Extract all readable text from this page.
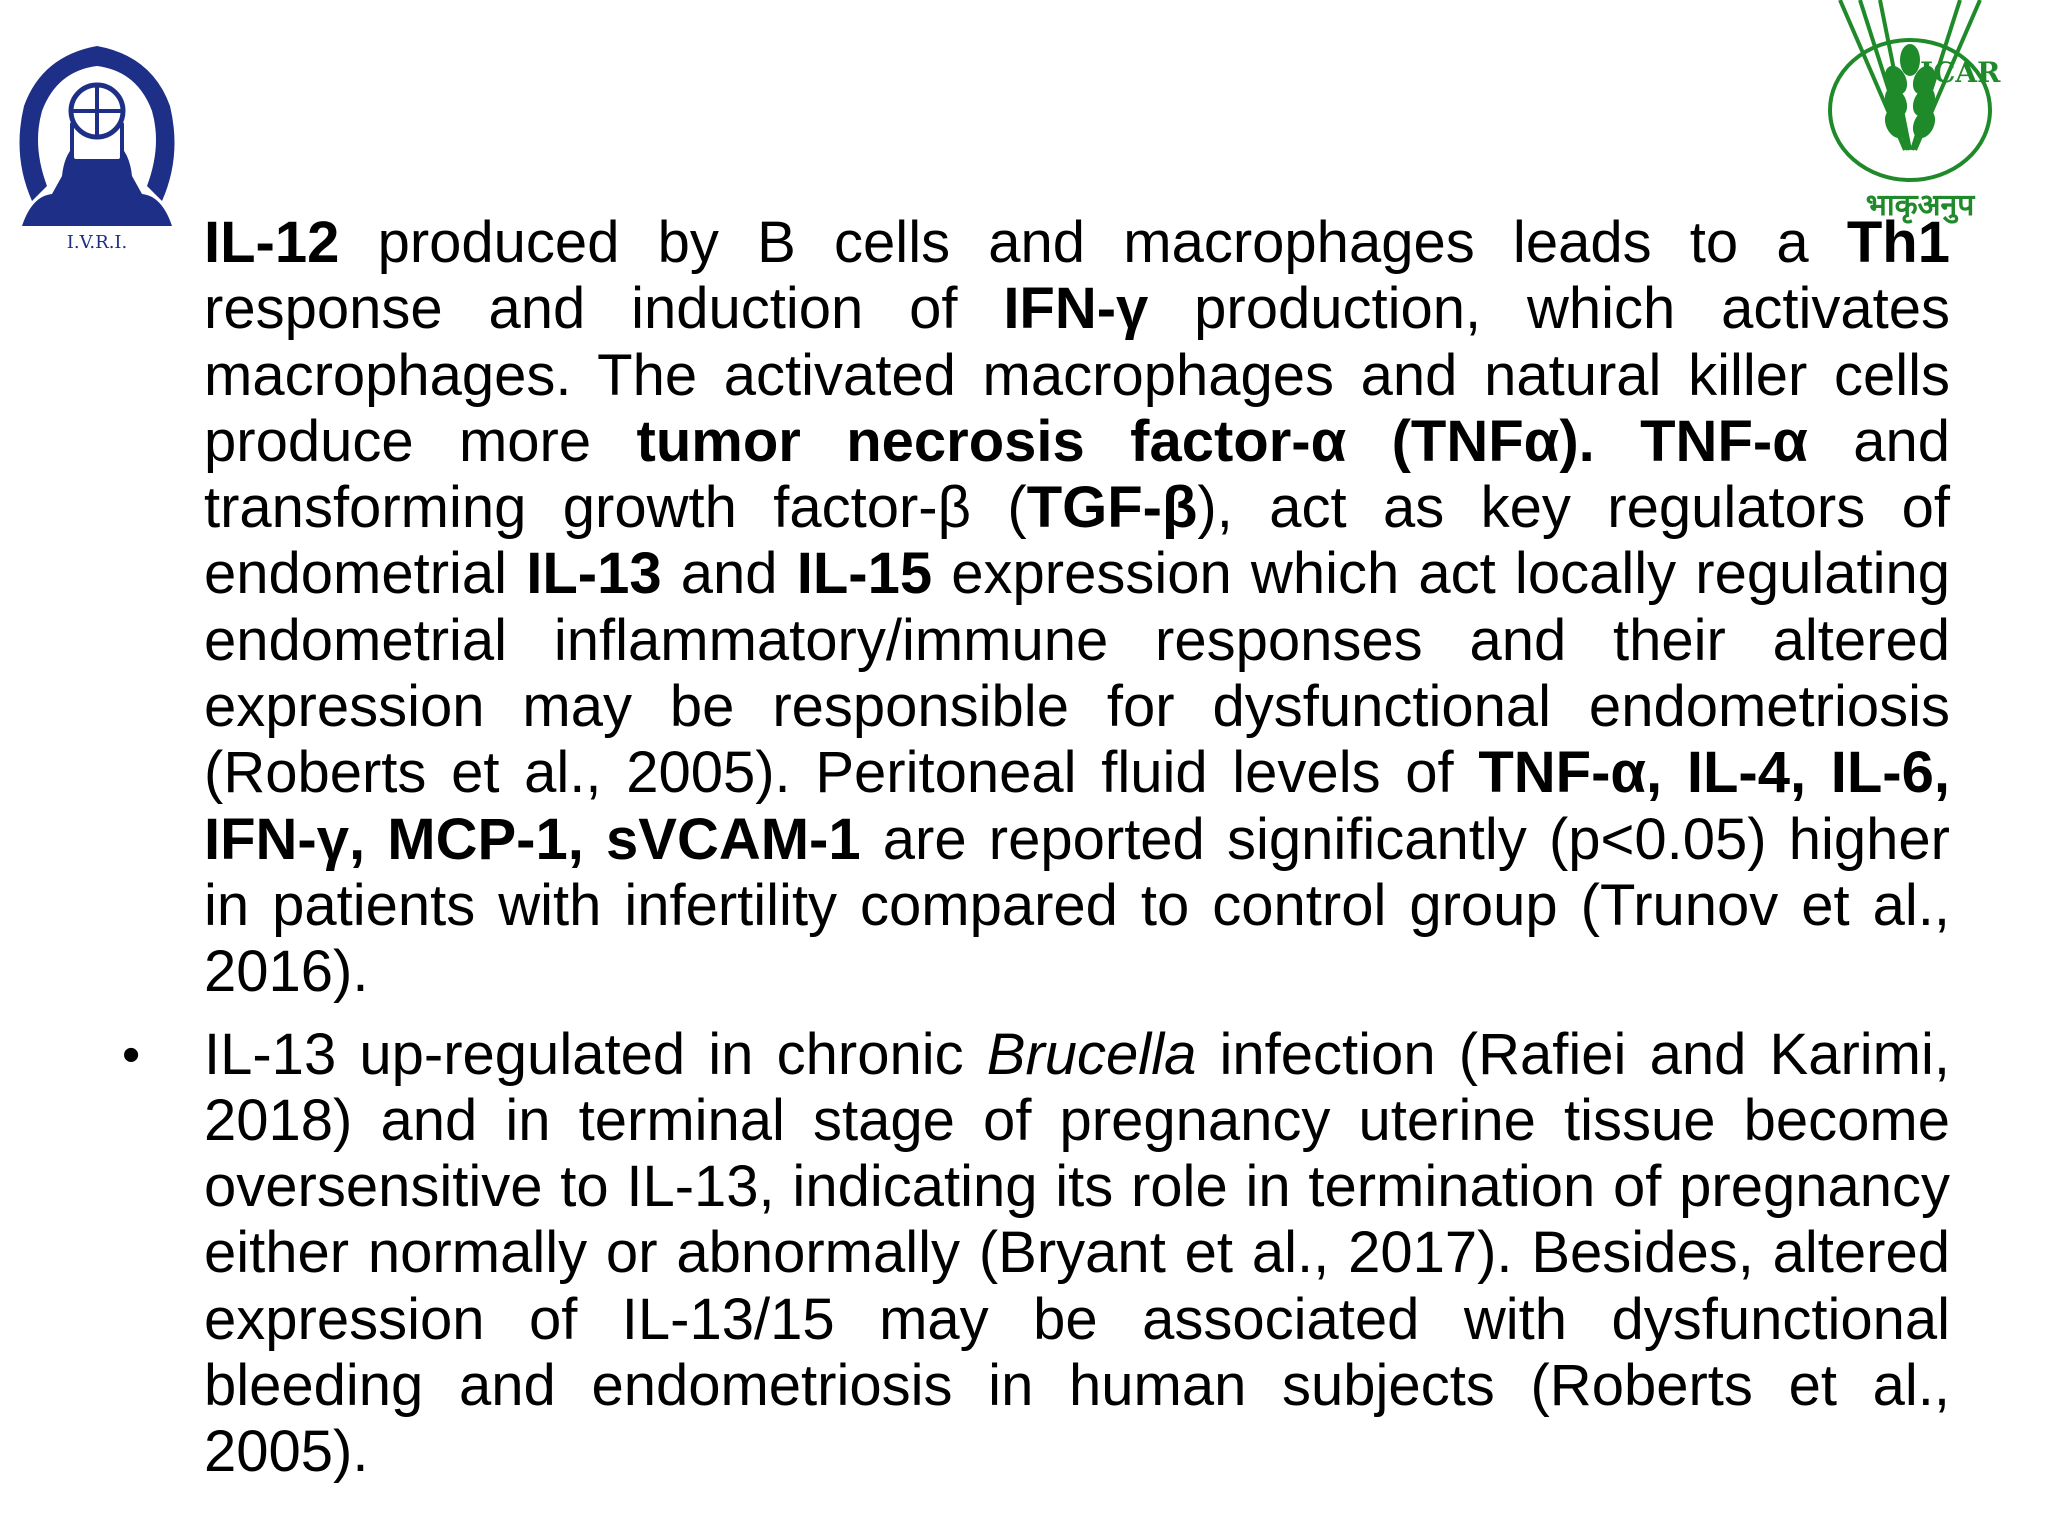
I.V.R.I.
ICAR
भाकृअनुप

IL-12 produced by B cells and macrophages leads to a Th1 response and induction of IFN-γ production, which activates macrophages. The activated macrophages and natural killer cells produce more tumor necrosis factor-α (TNFα). TNF-α and transforming growth factor-β (TGF-β), act as key regulators of endometrial IL-13 and IL-15 expression which act locally regulating endometrial inflammatory/immune responses and their altered expression may be responsible for dysfunctional endometriosis (Roberts et al., 2005). Peritoneal fluid levels of TNF-α, IL-4, IL-6, IFN-γ, MCP-1, sVCAM-1 are reported significantly (p<0.05) higher in patients with infertility compared to control group (Trunov et al., 2016).

• IL-13 up-regulated in chronic Brucella infection (Rafiei and Karimi, 2018) and in terminal stage of pregnancy uterine tissue become oversensitive to IL-13, indicating its role in termination of pregnancy either normally or abnormally (Bryant et al., 2017). Besides, altered expression of IL-13/15 may be associated with dysfunctional bleeding and endometriosis in human subjects (Roberts et al., 2005).
